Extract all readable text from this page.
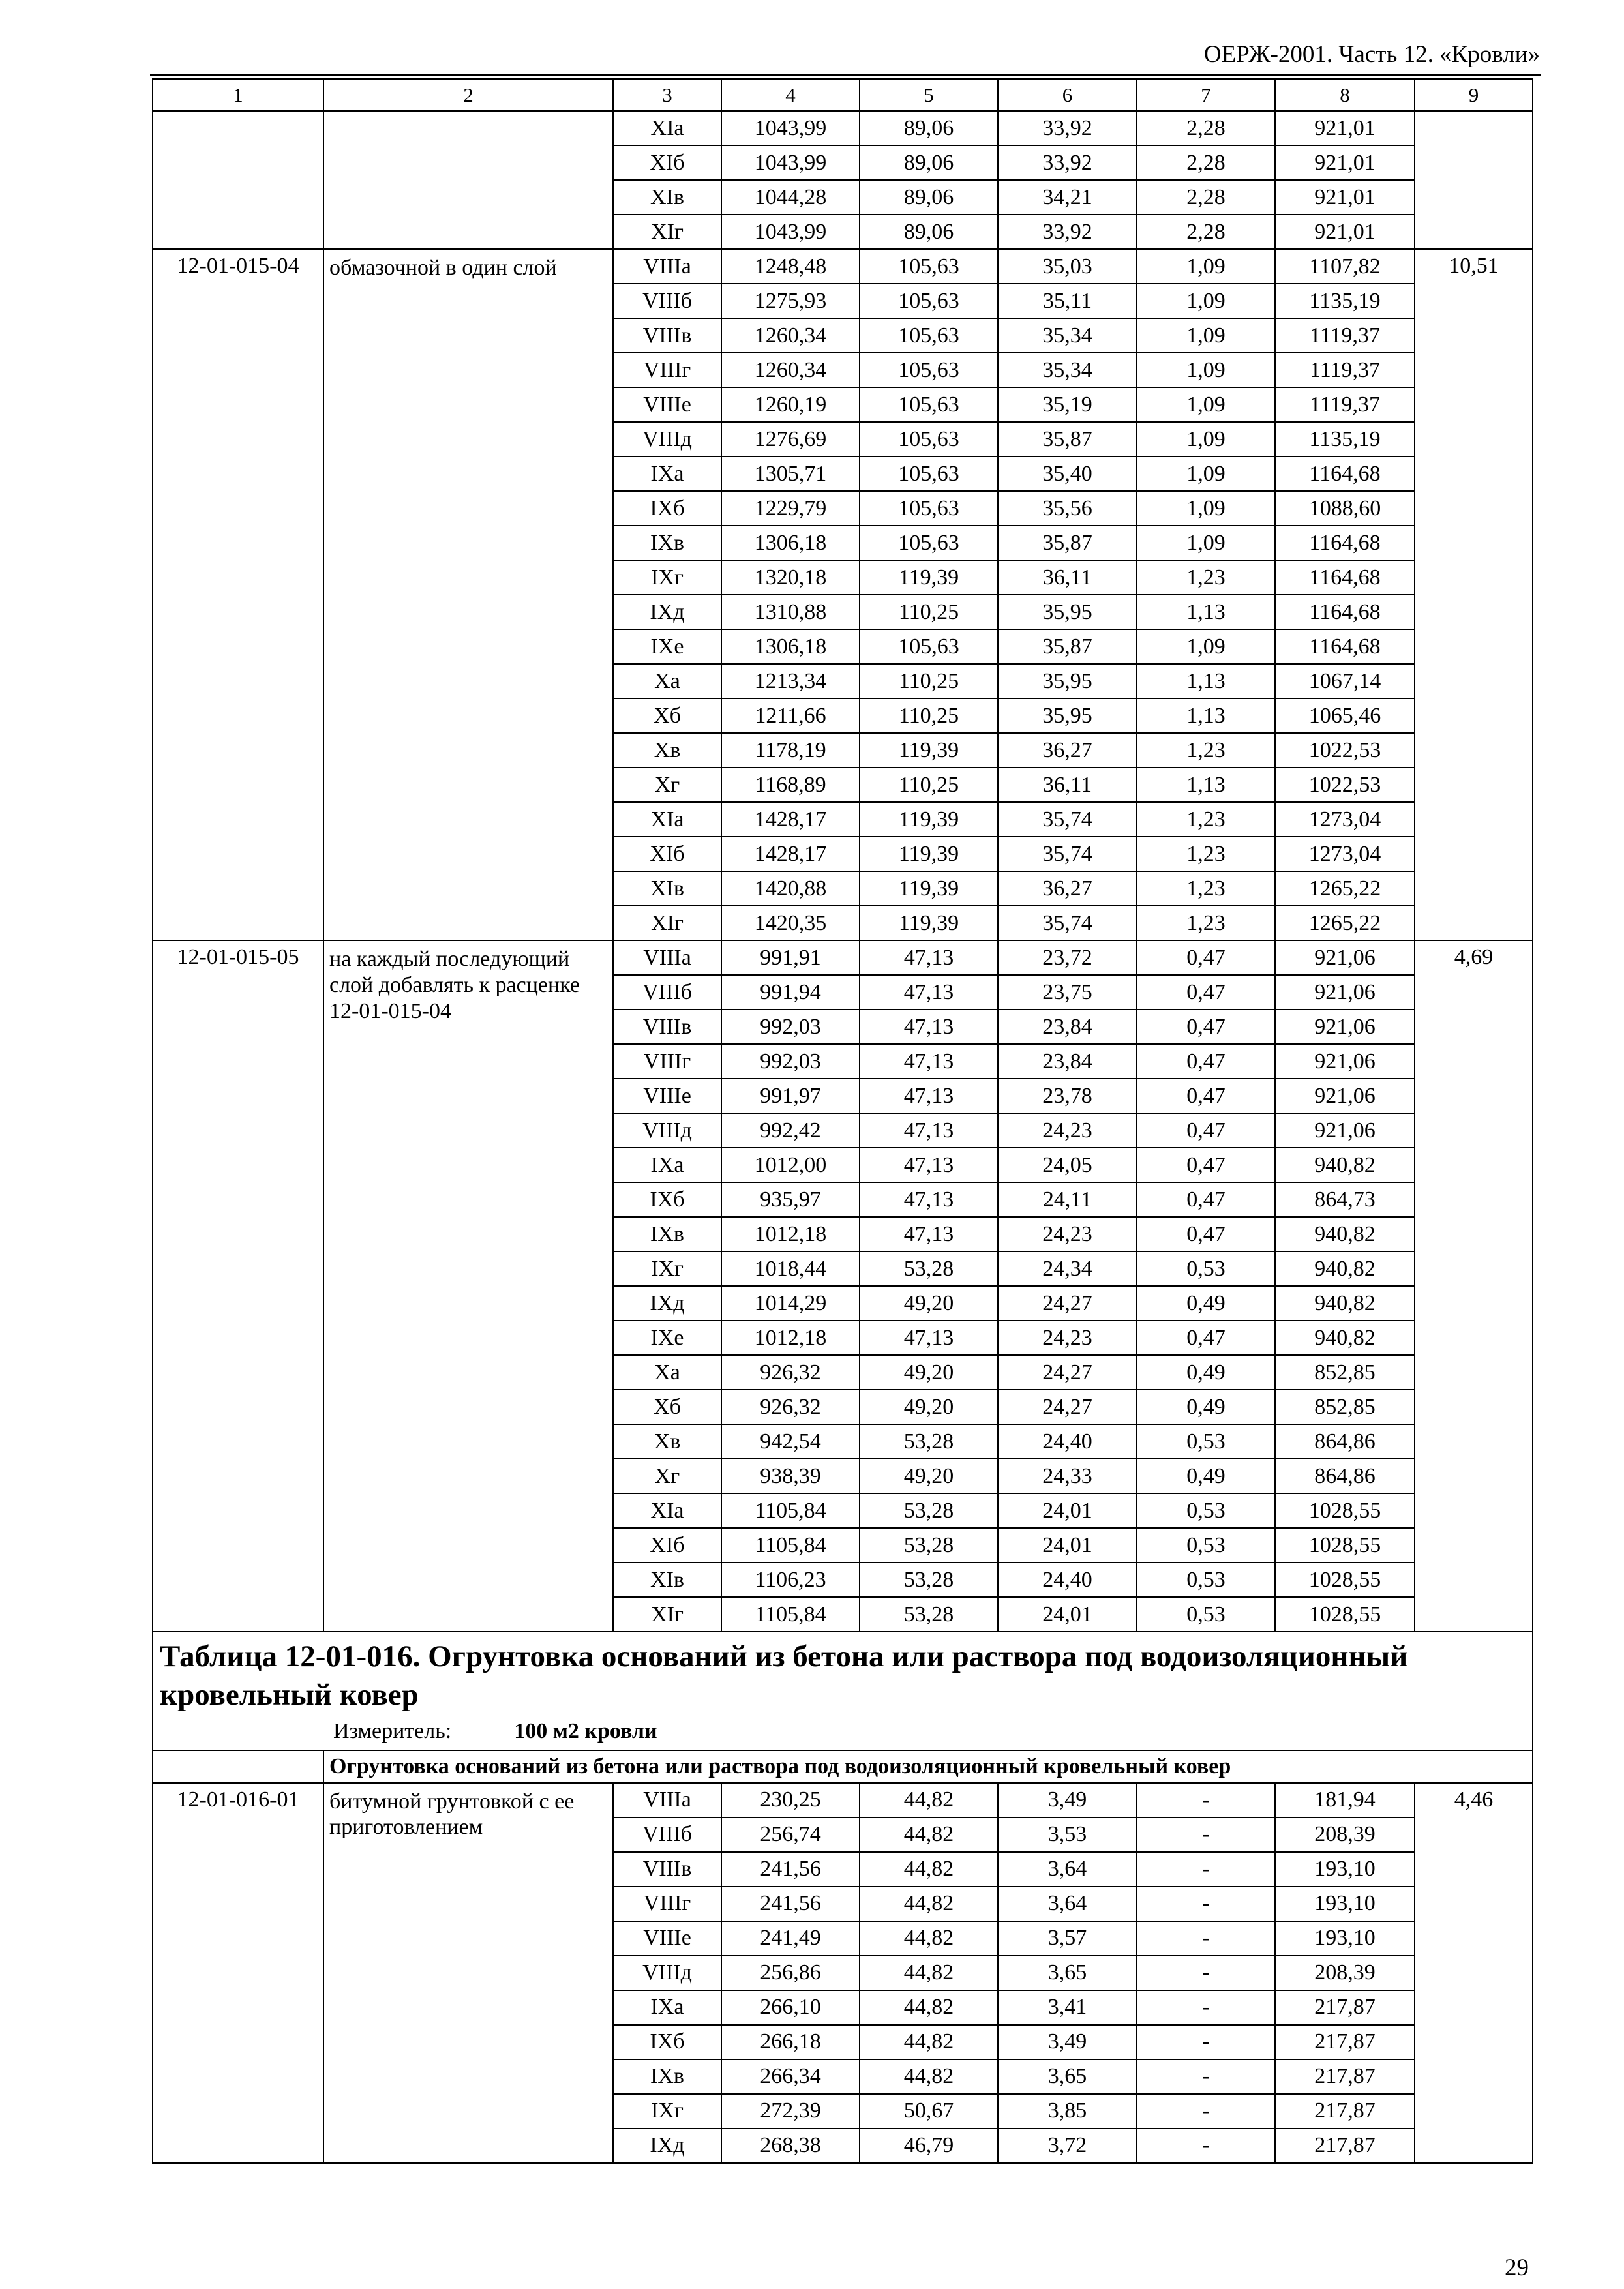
ОЕРЖ-2001. Часть 12. «Кровли»
1	2	3	4	5	6	7	8	9
		XIа	1043,99	89,06	33,92	2,28	921,01	
		XIб	1043,99	89,06	33,92	2,28	921,01	
		XIв	1044,28	89,06	34,21	2,28	921,01	
		XIг	1043,99	89,06	33,92	2,28	921,01	
12-01-015-04	обмазочной в один слой	VIIIа	1248,48	105,63	35,03	1,09	1107,82	10,51
		VIIIб	1275,93	105,63	35,11	1,09	1135,19	
		VIIIв	1260,34	105,63	35,34	1,09	1119,37	
		VIIIг	1260,34	105,63	35,34	1,09	1119,37	
		VIIIе	1260,19	105,63	35,19	1,09	1119,37	
		VIIIд	1276,69	105,63	35,87	1,09	1135,19	
		IXа	1305,71	105,63	35,40	1,09	1164,68	
		IXб	1229,79	105,63	35,56	1,09	1088,60	
		IXв	1306,18	105,63	35,87	1,09	1164,68	
		IXг	1320,18	119,39	36,11	1,23	1164,68	
		IXд	1310,88	110,25	35,95	1,13	1164,68	
		IXе	1306,18	105,63	35,87	1,09	1164,68	
		Xа	1213,34	110,25	35,95	1,13	1067,14	
		Xб	1211,66	110,25	35,95	1,13	1065,46	
		Xв	1178,19	119,39	36,27	1,23	1022,53	
		Xг	1168,89	110,25	36,11	1,13	1022,53	
		XIа	1428,17	119,39	35,74	1,23	1273,04	
		XIб	1428,17	119,39	35,74	1,23	1273,04	
		XIв	1420,88	119,39	36,27	1,23	1265,22	
		XIг	1420,35	119,39	35,74	1,23	1265,22	
12-01-015-05	на каждый последующий слой добавлять к расценке 12-01-015-04	VIIIа	991,91	47,13	23,72	0,47	921,06	4,69
		VIIIб	991,94	47,13	23,75	0,47	921,06	
		VIIIв	992,03	47,13	23,84	0,47	921,06	
		VIIIг	992,03	47,13	23,84	0,47	921,06	
		VIIIе	991,97	47,13	23,78	0,47	921,06	
		VIIIд	992,42	47,13	24,23	0,47	921,06	
		IXа	1012,00	47,13	24,05	0,47	940,82	
		IXб	935,97	47,13	24,11	0,47	864,73	
		IXв	1012,18	47,13	24,23	0,47	940,82	
		IXг	1018,44	53,28	24,34	0,53	940,82	
		IXд	1014,29	49,20	24,27	0,49	940,82	
		IXе	1012,18	47,13	24,23	0,47	940,82	
		Xа	926,32	49,20	24,27	0,49	852,85	
		Xб	926,32	49,20	24,27	0,49	852,85	
		Xв	942,54	53,28	24,40	0,53	864,86	
		Xг	938,39	49,20	24,33	0,49	864,86	
		XIа	1105,84	53,28	24,01	0,53	1028,55	
		XIб	1105,84	53,28	24,01	0,53	1028,55	
		XIв	1106,23	53,28	24,40	0,53	1028,55	
		XIг	1105,84	53,28	24,01	0,53	1028,55	

Таблица 12-01-016. Огрунтовка оснований из бетона или раствора под водоизоляционный кровельный ковер
Измеритель: 100 м2 кровли								

	Огрунтовка оснований из бетона или раствора под водоизоляционный кровельный ковер							
12-01-016-01	битумной грунтовкой с ее приготовлением	VIIIа	230,25	44,82	3,49	-	181,94	4,46
		VIIIб	256,74	44,82	3,53	-	208,39	
		VIIIв	241,56	44,82	3,64	-	193,10	
		VIIIг	241,56	44,82	3,64	-	193,10	
		VIIIе	241,49	44,82	3,57	-	193,10	
		VIIIд	256,86	44,82	3,65	-	208,39	
		IXа	266,10	44,82	3,41	-	217,87	
		IXб	266,18	44,82	3,49	-	217,87	
		IXв	266,34	44,82	3,65	-	217,87	
		IXг	272,39	50,67	3,85	-	217,87	
		IXд	268,38	46,79	3,72	-	217,87	
29
